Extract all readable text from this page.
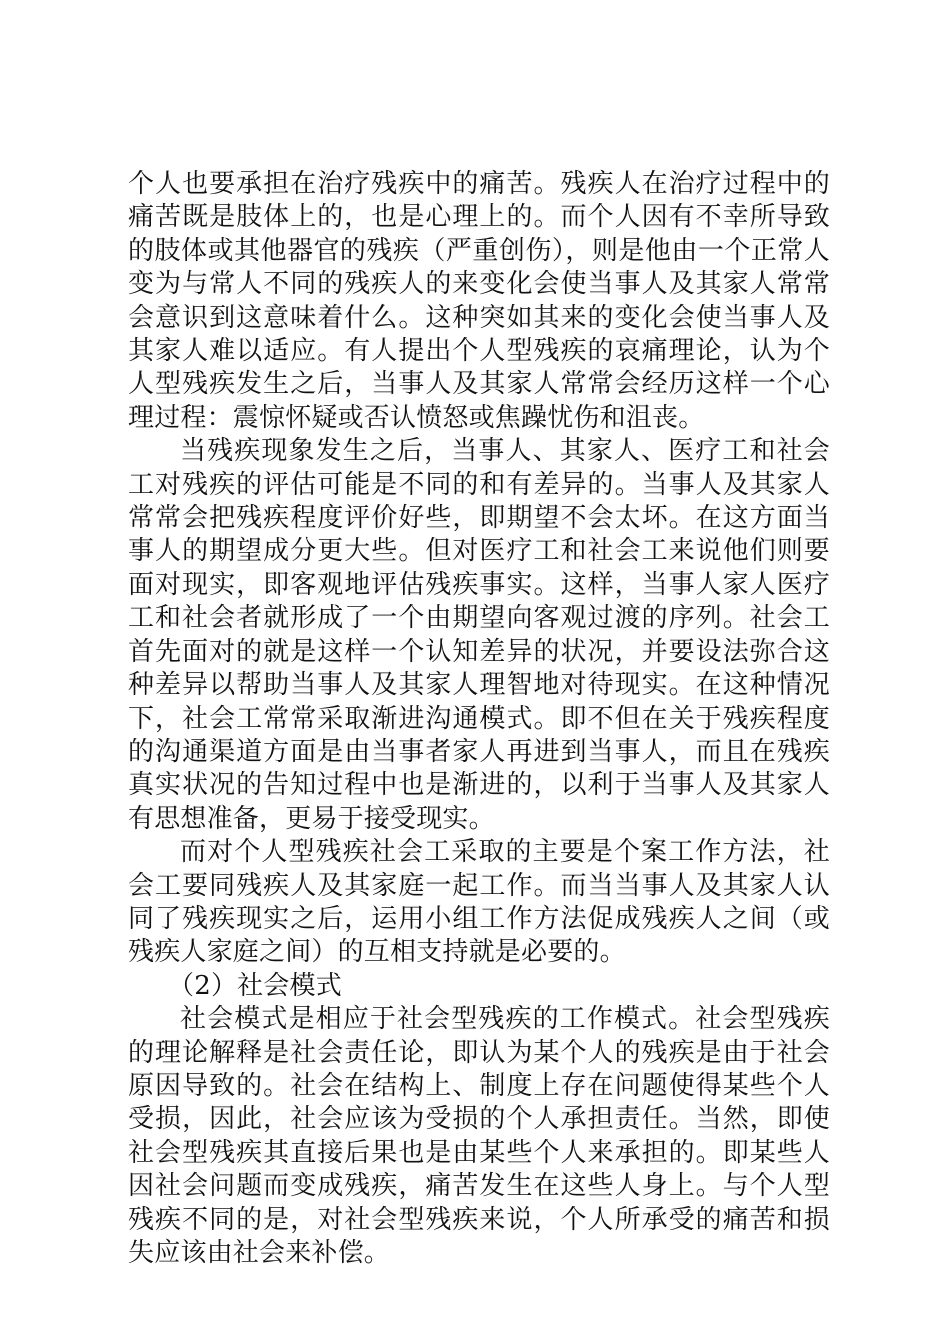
个人也要承担在治疗残疾中的痛苦。残疾人在治疗过程中的痛苦既是肢体上的，也是心理上的。而个人因有不幸所导致的肢体或其他器官的残疾（严重创伤），则是他由一个正常人变为与常人不同的残疾人的来变化会使当事人及其家人常常会意识到这意味着什么。这种突如其来的变化会使当事人及其家人难以适应。有人提出个人型残疾的哀痛理论，认为个人型残疾发生之后，当事人及其家人常常会经历这样一个心理过程：震惊怀疑或否认愤怒或焦躁忧伤和沮丧。

当残疾现象发生之后，当事人、其家人、医疗工和社会工对残疾的评估可能是不同的和有差异的。当事人及其家人常常会把残疾程度评价好些，即期望不会太坏。在这方面当事人的期望成分更大些。但对医疗工和社会工来说他们则要面对现实，即客观地评估残疾事实。这样，当事人家人医疗工和社会者就形成了一个由期望向客观过渡的序列。社会工首先面对的就是这样一个认知差异的状况，并要设法弥合这种差异以帮助当事人及其家人理智地对待现实。在这种情况下，社会工常常采取渐进沟通模式。即不但在关于残疾程度的沟通渠道方面是由当事者家人再进到当事人，而且在残疾真实状况的告知过程中也是渐进的，以利于当事人及其家人有思想准备，更易于接受现实。

而对个人型残疾社会工采取的主要是个案工作方法，社会工要同残疾人及其家庭一起工作。而当当事人及其家人认同了残疾现实之后，运用小组工作方法促成残疾人之间（或残疾人家庭之间）的互相支持就是必要的。

（2）社会模式

社会模式是相应于社会型残疾的工作模式。社会型残疾的理论解释是社会责任论，即认为某个人的残疾是由于社会原因导致的。社会在结构上、制度上存在问题使得某些个人受损，因此，社会应该为受损的个人承担责任。当然，即使社会型残疾其直接后果也是由某些个人来承担的。即某些人因社会问题而变成残疾，痛苦发生在这些人身上。与个人型残疾不同的是，对社会型残疾来说，个人所承受的痛苦和损失应该由社会来补偿。
